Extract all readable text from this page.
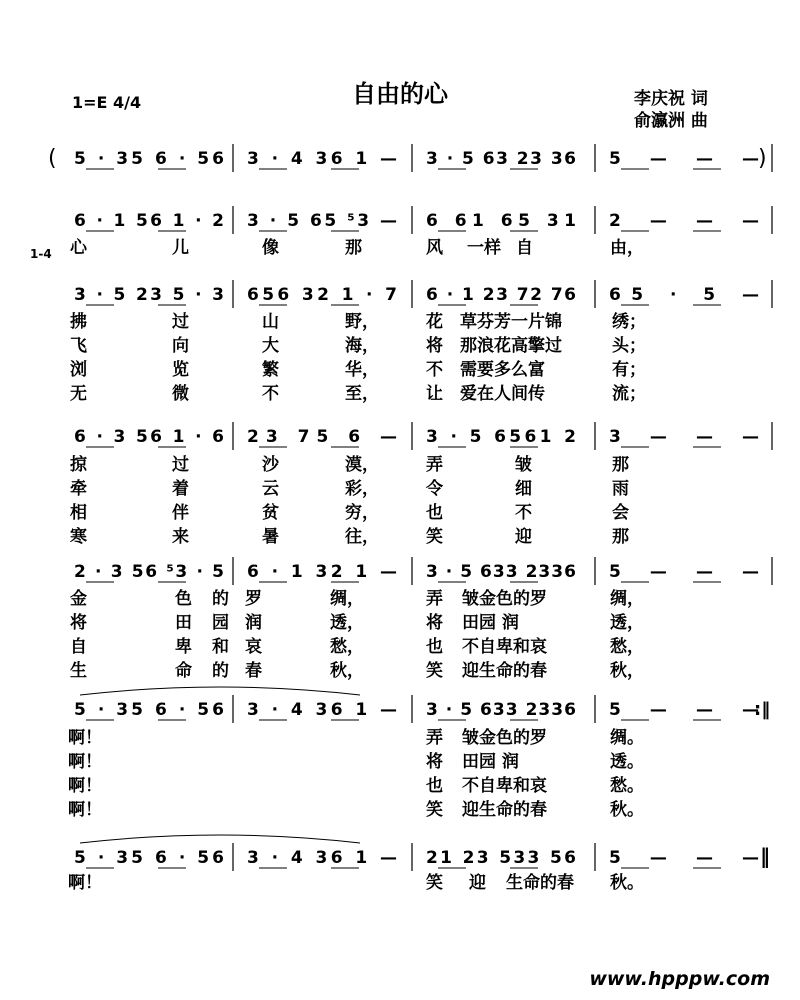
自由的心
1=E 4/4	李庆祝 词
俞瀛洲 曲
( 5 · 35 6 · 56 3 · 4 36 1 — 3 · 5 63 23 36 5 — — — )
6 · 1 56 1 · 2 3 · 5 65 ⁵3 — 6 61 65 31 2 — — —
1-4 心	儿	像	那	风 一样 自	由，
3 · 5 23 5 · 3 656 32 1 · 7 6 · 1 23 72 76 65 · 5 —
拂	过	山	野，	花 草芬芳一片锦	绣；
飞	向	大	海，	将 那浪花高擎过	头；
浏	览	繁	华，	不 需要多么富	有；
无	微	不	至，	让 爱在人间传	流；
6 · 3 56 1 · 6 23 75 6 — 3 · 5 6561 2 3 — — —
掠	过	沙	漠，	弄	皱	那
牵	着	云	彩，	令	细	雨
相	伴	贫	穷，	也	不	会
寒	来	暑	往，	笑	迎	那
2 · 3 56 ⁵3 · 5 6 · 1 32 1 — 3 · 5 633 2336 5 — — —
金	色 的 罗	绸，	弄 皱金色的罗	绸，
将	田 园 润	透，	将 田园 润	透，
自	卑 和 哀	愁，	也 不自卑和哀	愁，
生	命 的 春	秋，	笑 迎生命的春	秋，
5 · 35 6 · 56 3 · 4 36 1 — 3 · 5 633 2336 5 — — —
:‖
啊！	弄 皱金色的罗	绸。
啊！	将 田园 润	透。
啊！	也 不自卑和哀	愁。
啊！	笑 迎生命的春	秋。
5 · 35 6 · 56 3 · 4 36 1 — 21 23 533 56 5 — — — ‖
啊！	笑 迎 生命的春 秋。
www.hpppw.com
